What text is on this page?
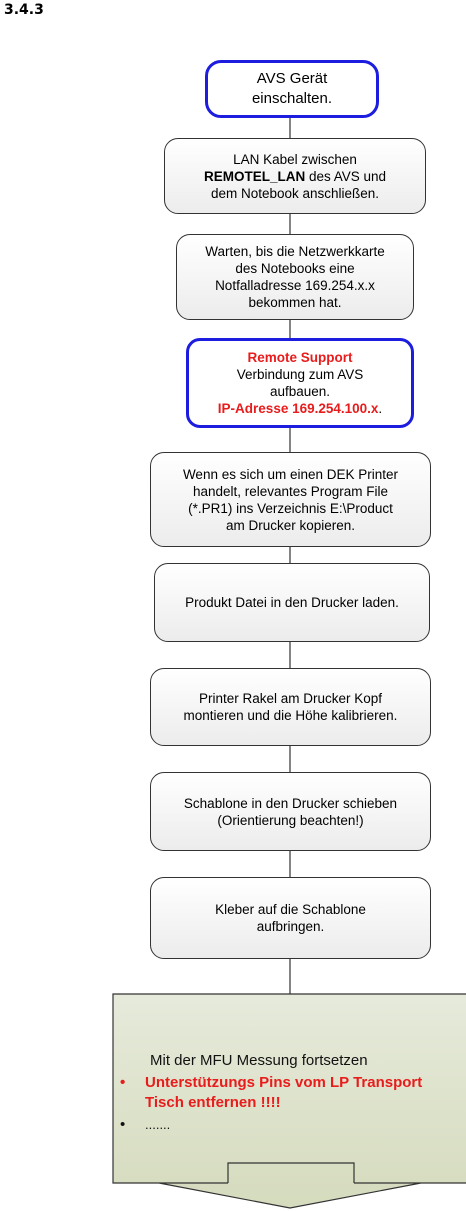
3.4.3
AVS Gerät
einschalten.
LAN Kabel zwischen
REMOTEL_LAN des AVS und
dem Notebook anschließen.
Warten, bis die Netzwerkkarte
des Notebooks eine
Notfalladresse 169.254.x.x
bekommen hat.
Remote Support
Verbindung zum AVS
aufbauen.
IP-Adresse 169.254.100.x.
Wenn es sich um einen DEK Printer
handelt, relevantes Program File
(*.PR1) ins Verzeichnis E:\Product
am Drucker kopieren.
Produkt Datei in den Drucker laden.
Printer Rakel am Drucker Kopf
montieren und die Höhe kalibrieren.
Schablone in den Drucker schieben
(Orientierung beachten!)
Kleber auf die Schablone
aufbringen.
Mit der MFU Messung fortsetzen
• Unterstützungs Pins vom LP Transport Tisch entfernen !!!!
• .......
